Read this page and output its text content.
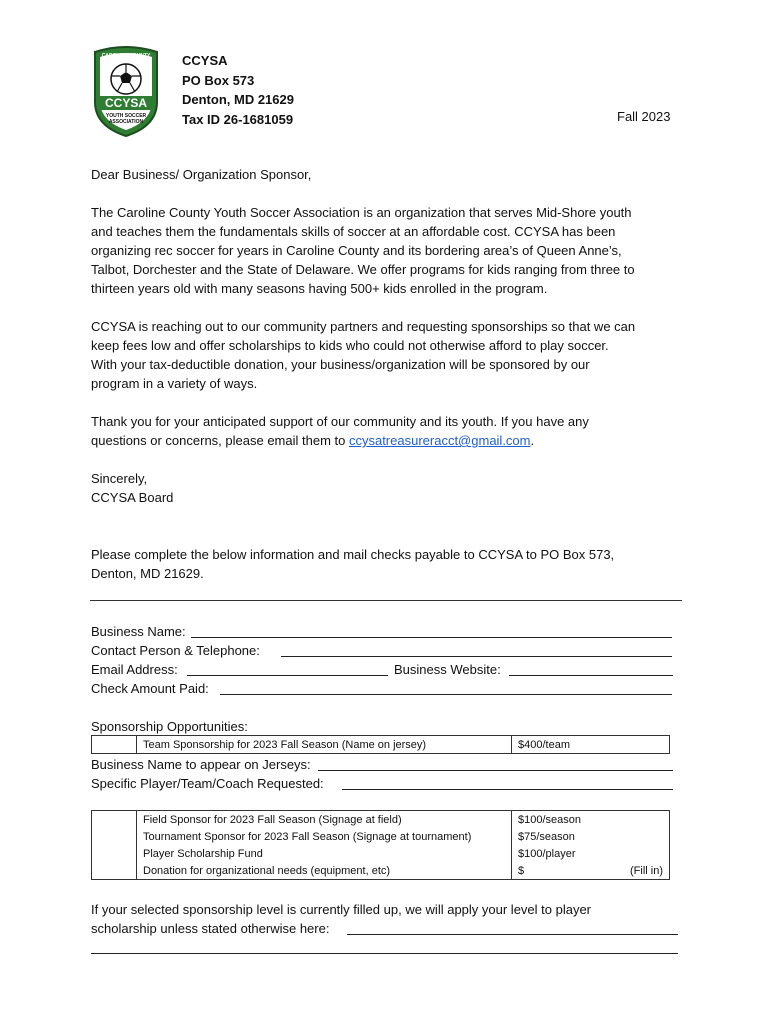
CCYSA
YOUTH SOCCER
ASSOCIATION
CAROLINE COUNTY CCYSA
PO Box 573
Denton, MD 21629
Tax ID 26-1681059	Fall 2023
Dear Business/ Organization Sponsor,
The Caroline County Youth Soccer Association is an organization that serves Mid-Shore youth
and teaches them the fundamentals skills of soccer at an affordable cost. CCYSA has been
organizing rec soccer for years in Caroline County and its bordering area’s of Queen Anne’s,
Talbot, Dorchester and the State of Delaware. We offer programs for kids ranging from three to
thirteen years old with many seasons having 500+ kids enrolled in the program.
CCYSA is reaching out to our community partners and requesting sponsorships so that we can
keep fees low and offer scholarships to kids who could not otherwise afford to play soccer.
With your tax-deductible donation, your business/organization will be sponsored by our
program in a variety of ways.
Thank you for your anticipated support of our community and its youth. If you have any
questions or concerns, please email them to ccysatreasureracct@gmail.com.
Sincerely,
CCYSA Board
Please complete the below information and mail checks payable to CCYSA to PO Box 573,
Denton, MD 21629.
Business Name:
Contact Person & Telephone:
Email Address:	Business Website:
Check Amount Paid:
Sponsorship Opportunities:
	Team Sponsorship for 2023 Fall Season (Name on jersey)	$400/team
Business Name to appear on Jerseys:
Specific Player/Team/Coach Requested:
	Field Sponsor for 2023 Fall Season (Signage at field)	$100/season
	Tournament Sponsor for 2023 Fall Season (Signage at tournament)	$75/season
	Player Scholarship Fund	$100/player
	Donation for organizational needs (equipment, etc)	$ (Fill in)
If your selected sponsorship level is currently filled up, we will apply your level to player
scholarship unless stated otherwise here:
